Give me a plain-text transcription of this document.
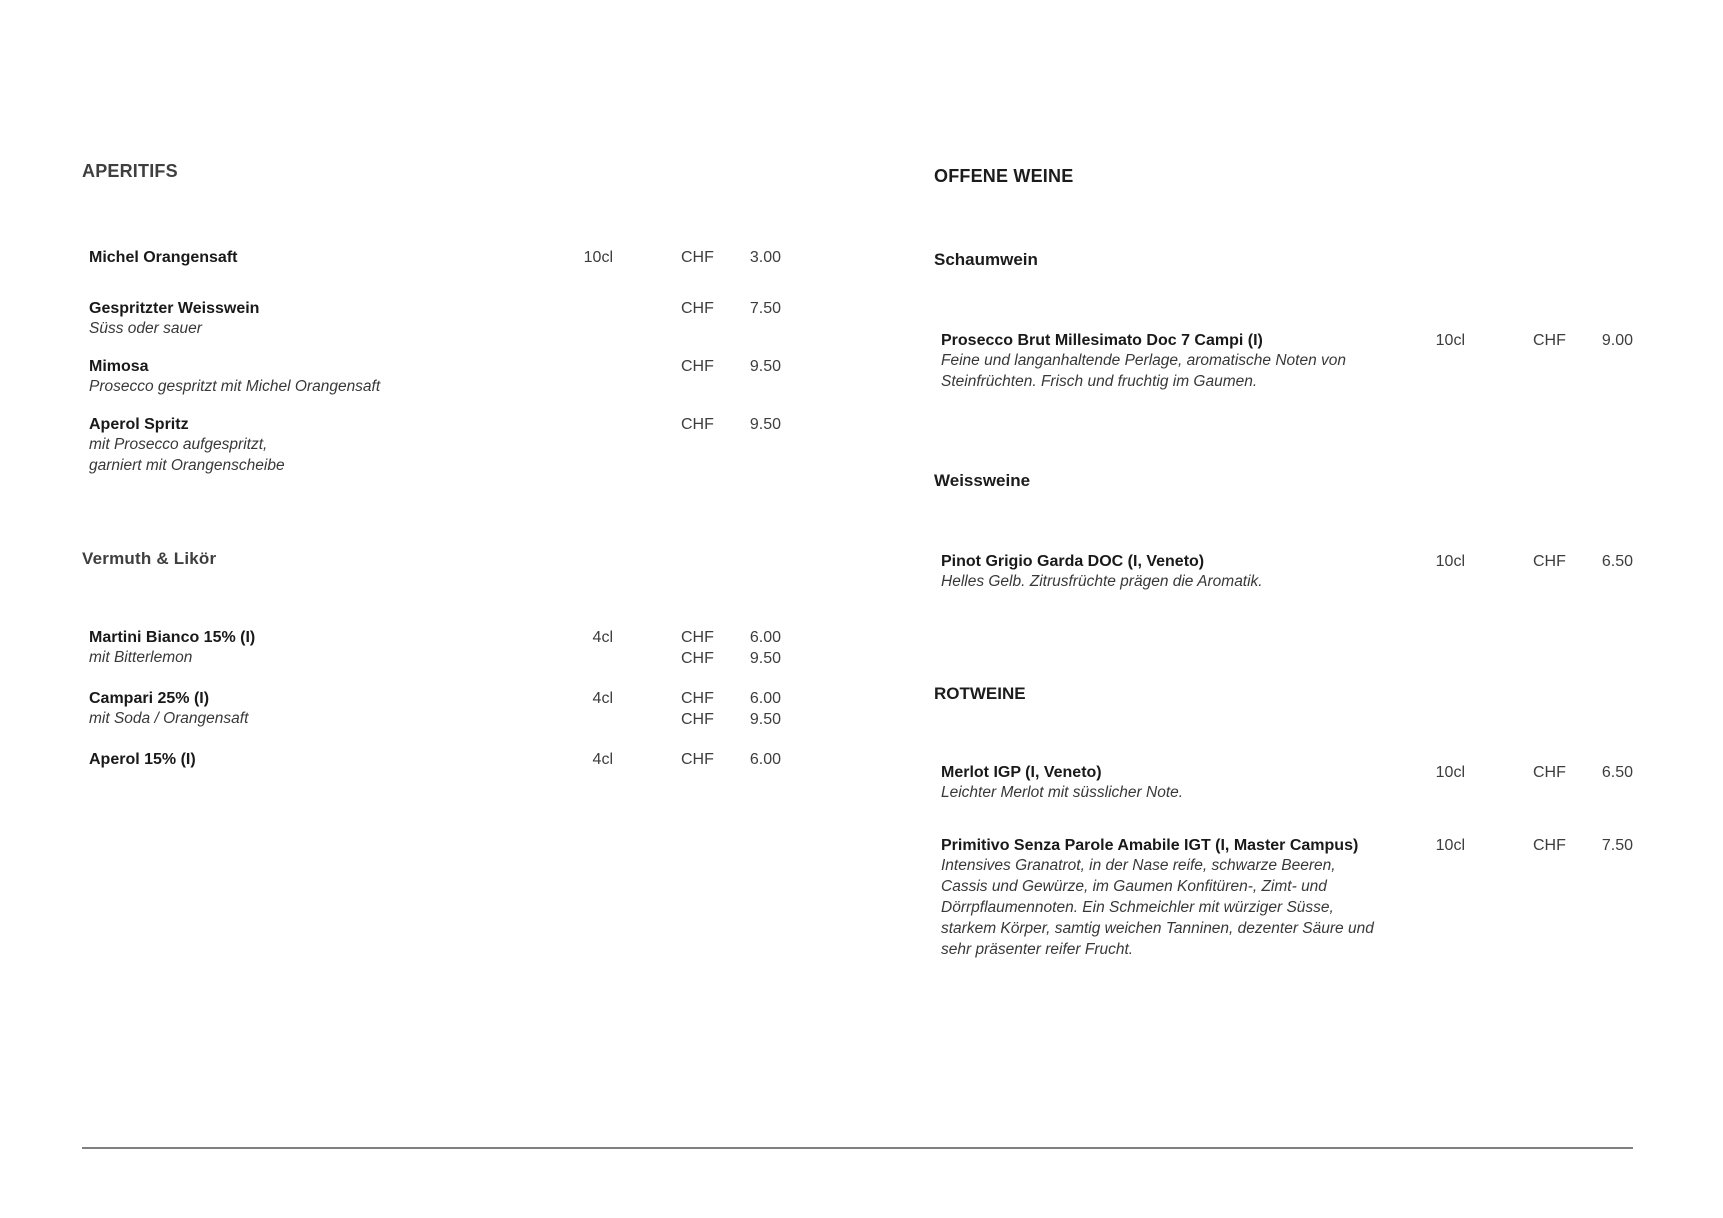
APERITIFS
Michel Orangensaft	10cl	CHF	3.00
Gespritzter Weisswein	CHF	7.50
Süss oder sauer
Mimosa	CHF	9.50
Prosecco gespritzt mit Michel Orangensaft
Aperol Spritz	CHF	9.50
mit Prosecco aufgespritzt,
garniert mit Orangenscheibe
Vermuth & Likör
Martini Bianco 15% (I)	4cl	CHF	6.00
mit Bitterlemon	CHF	9.50
Campari 25% (I)	4cl	CHF	6.00
mit Soda / Orangensaft	CHF	9.50
Aperol 15% (I)	4cl	CHF	6.00
OFFENE WEINE
Schaumwein
Prosecco Brut Millesimato Doc 7 Campi (I)	10cl	CHF	9.00
Feine und langanhaltende Perlage, aromatische Noten von
Steinfrüchten. Frisch und fruchtig im Gaumen.
Weissweine
Pinot Grigio Garda DOC (I, Veneto)	10cl	CHF	6.50
Helles Gelb. Zitrusfrüchte prägen die Aromatik.
ROTWEINE
Merlot IGP (I, Veneto)	10cl	CHF	6.50
Leichter Merlot mit süsslicher Note.
Primitivo Senza Parole Amabile IGT (I, Master Campus)	10cl	CHF	7.50
Intensives Granatrot, in der Nase reife, schwarze Beeren,
Cassis und Gewürze, im Gaumen Konfitüren-, Zimt- und
Dörrpflaumennoten. Ein Schmeichler mit würziger Süsse,
starkem Körper, samtig weichen Tanninen, dezenter Säure und
sehr präsenter reifer Frucht.
